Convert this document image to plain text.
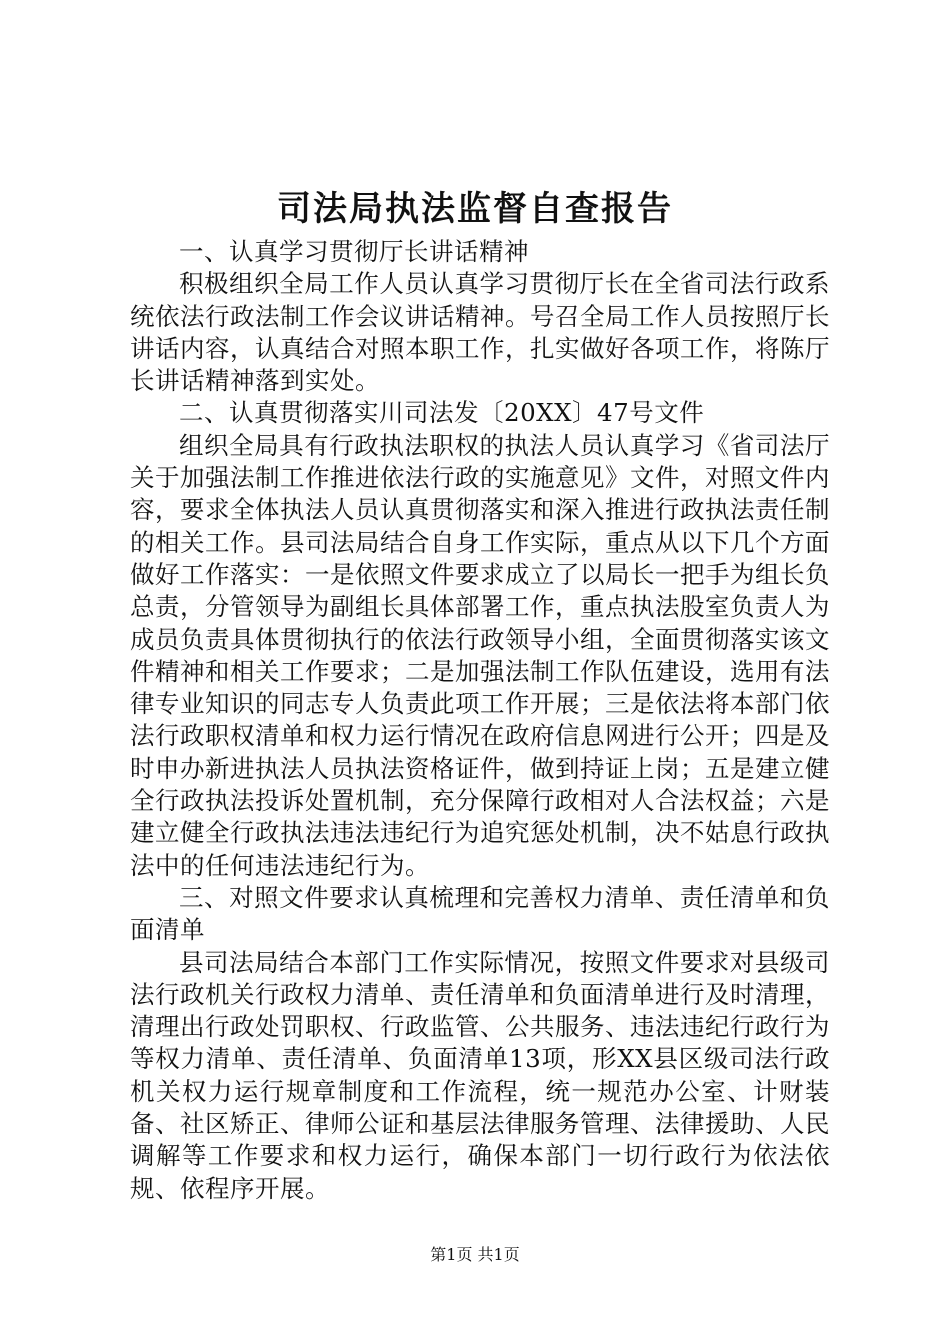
司法局执法监督自查报告

一、认真学习贯彻厅长讲话精神

积极组织全局工作人员认真学习贯彻厅长在全省司法行政系统依法行政法制工作会议讲话精神。号召全局工作人员按照厅长讲话内容，认真结合对照本职工作，扎实做好各项工作，将陈厅长讲话精神落到实处。

二、认真贯彻落实川司法发〔20XX〕47号文件

组织全局具有行政执法职权的执法人员认真学习《省司法厅关于加强法制工作推进依法行政的实施意见》文件，对照文件内容，要求全体执法人员认真贯彻落实和深入推进行政执法责任制的相关工作。县司法局结合自身工作实际，重点从以下几个方面做好工作落实：一是依照文件要求成立了以局长一把手为组长负总责，分管领导为副组长具体部署工作，重点执法股室负责人为成员负责具体贯彻执行的依法行政领导小组，全面贯彻落实该文件精神和相关工作要求；二是加强法制工作队伍建设，选用有法律专业知识的同志专人负责此项工作开展；三是依法将本部门依法行政职权清单和权力运行情况在政府信息网进行公开；四是及时申办新进执法人员执法资格证件，做到持证上岗；五是建立健全行政执法投诉处置机制，充分保障行政相对人合法权益；六是建立健全行政执法违法违纪行为追究惩处机制，决不姑息行政执法中的任何违法违纪行为。

三、对照文件要求认真梳理和完善权力清单、责任清单和负面清单

县司法局结合本部门工作实际情况，按照文件要求对县级司法行政机关行政权力清单、责任清单和负面清单进行及时清理，清理出行政处罚职权、行政监管、公共服务、违法违纪行政行为等权力清单、责任清单、负面清单13项，形XX县区级司法行政机关权力运行规章制度和工作流程，统一规范办公室、计财装备、社区矫正、律师公证和基层法律服务管理、法律援助、人民调解等工作要求和权力运行，确保本部门一切行政行为依法依规、依程序开展。

第1页 共1页
